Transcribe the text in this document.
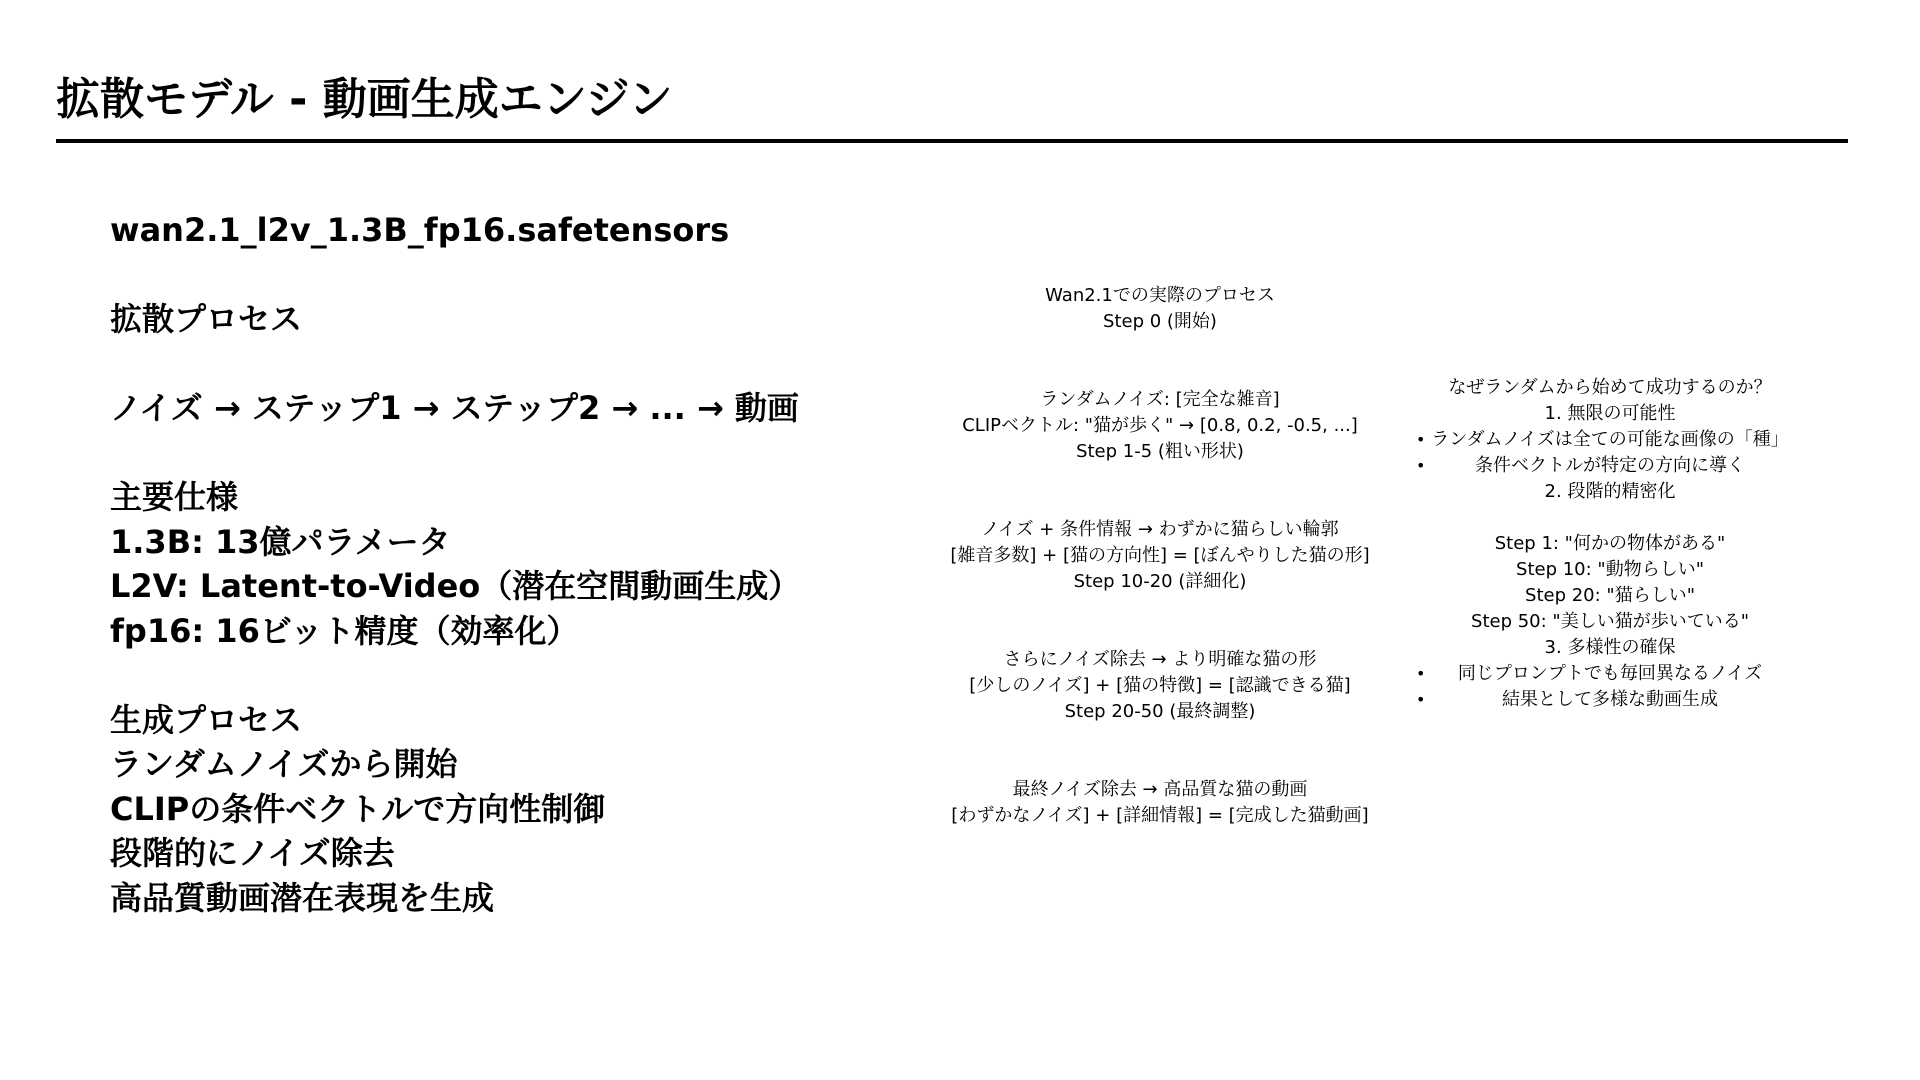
拡散モデル - 動画生成エンジン
wan2.1_l2v_1.3B_fp16.safetensors
拡散プロセス
ノイズ → ステップ1 → ステップ2 → ... → 動画
主要仕様
1.3B: 13億パラメータ
L2V: Latent-to-Video（潜在空間動画生成）
fp16: 16ビット精度（効率化）
生成プロセス
ランダムノイズから開始
CLIPの条件ベクトルで方向性制御
段階的にノイズ除去
高品質動画潜在表現を生成
Wan2.1での実際のプロセス
Step 0 (開始)
ランダムノイズ: [完全な雑音]
CLIPベクトル: "猫が歩く" → [0.8, 0.2, -0.5, ...]
Step 1-5 (粗い形状)
ノイズ + 条件情報 → わずかに猫らしい輪郭
[雑音多数] + [猫の方向性] = [ぼんやりした猫の形]
Step 10-20 (詳細化)
さらにノイズ除去 → より明確な猫の形
[少しのノイズ] + [猫の特徴] = [認識できる猫]
Step 20-50 (最終調整)
最終ノイズ除去 → 高品質な猫の動画
[わずかなノイズ] + [詳細情報] = [完成した猫動画]
なぜランダムから始めて成功するのか？
1. 無限の可能性
• ランダムノイズは全ての可能な画像の「種」
•	条件ベクトルが特定の方向に導く
2. 段階的精密化
Step 1: "何かの物体がある"
Step 10: "動物らしい"
Step 20: "猫らしい"
Step 50: "美しい猫が歩いている"
3. 多様性の確保
• 同じプロンプトでも毎回異なるノイズ
•	結果として多様な動画生成
